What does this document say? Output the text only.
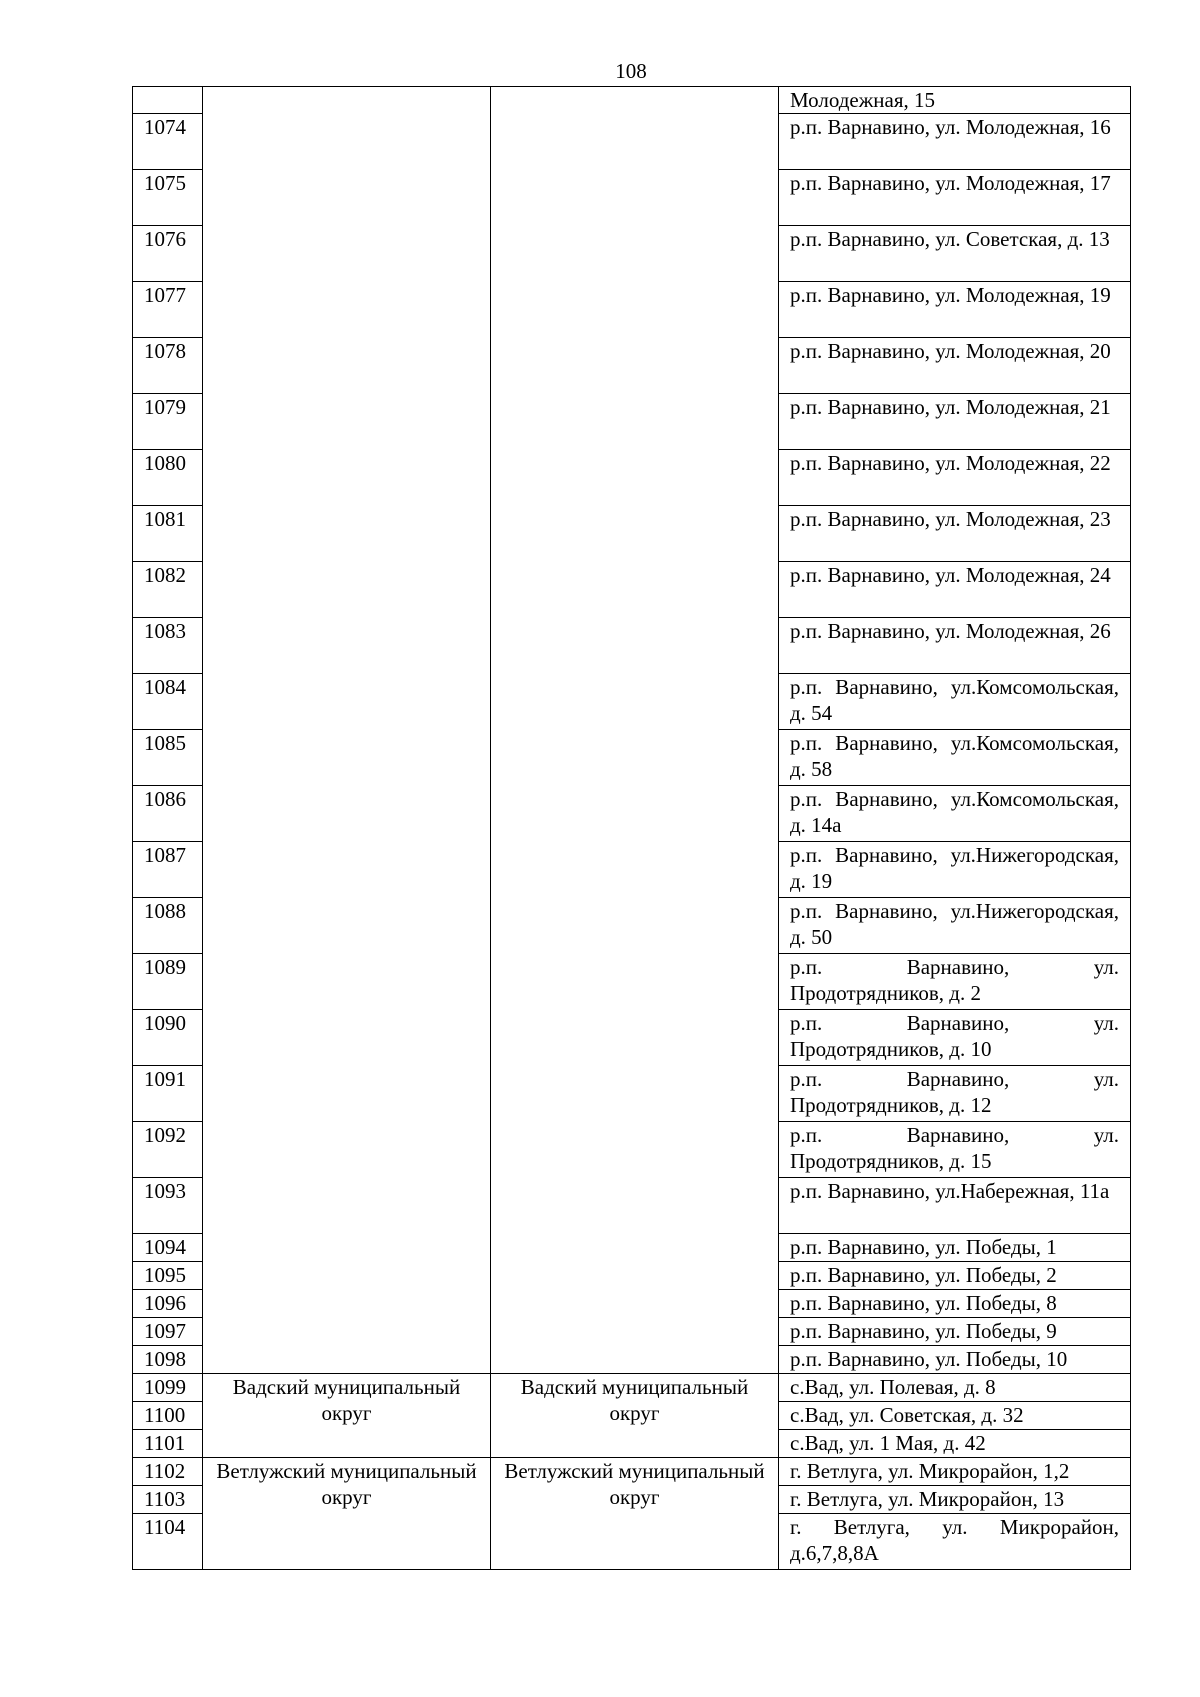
108
			Молодежная, 15
1074			р.п. Варнавино, ул. Молодежная, 16
1075			р.п. Варнавино, ул. Молодежная, 17
1076			р.п. Варнавино, ул. Советская, д. 13
1077			р.п. Варнавино, ул. Молодежная, 19
1078			р.п. Варнавино, ул. Молодежная, 20
1079			р.п. Варнавино, ул. Молодежная, 21
1080			р.п. Варнавино, ул. Молодежная, 22
1081			р.п. Варнавино, ул. Молодежная, 23
1082			р.п. Варнавино, ул. Молодежная, 24
1083			р.п. Варнавино, ул. Молодежная, 26
1084			р.п. Варнавино, ул.Комсомольская, д. 54
1085			р.п. Варнавино, ул.Комсомольская, д. 58
1086			р.п. Варнавино, ул.Комсомольская, д. 14а
1087			р.п. Варнавино, ул.Нижегородская, д. 19
1088			р.п. Варнавино, ул.Нижегородская, д. 50
1089			р.п. Варнавино, ул. Продотрядников, д. 2
1090			р.п. Варнавино, ул. Продотрядников, д. 10
1091			р.п. Варнавино, ул. Продотрядников, д. 12
1092			р.п. Варнавино, ул. Продотрядников, д. 15
1093			р.п. Варнавино, ул.Набережная, 11а
1094			р.п. Варнавино, ул. Победы, 1
1095			р.п. Варнавино, ул. Победы, 2
1096			р.п. Варнавино, ул. Победы, 8
1097			р.п. Варнавино, ул. Победы, 9
1098			р.п. Варнавино, ул. Победы, 10
1099	Вадский муниципальный округ	Вадский муниципальный округ	с.Вад, ул. Полевая, д. 8
1100			с.Вад, ул. Советская, д. 32
1101			с.Вад, ул. 1 Мая, д. 42
1102	Ветлужский муниципальный округ	Ветлужский муниципальный округ	г. Ветлуга, ул. Микрорайон, 1,2
1103			г. Ветлуга, ул. Микрорайон, 13
1104			г. Ветлуга, ул. Микрорайон, д.6,7,8,8А
